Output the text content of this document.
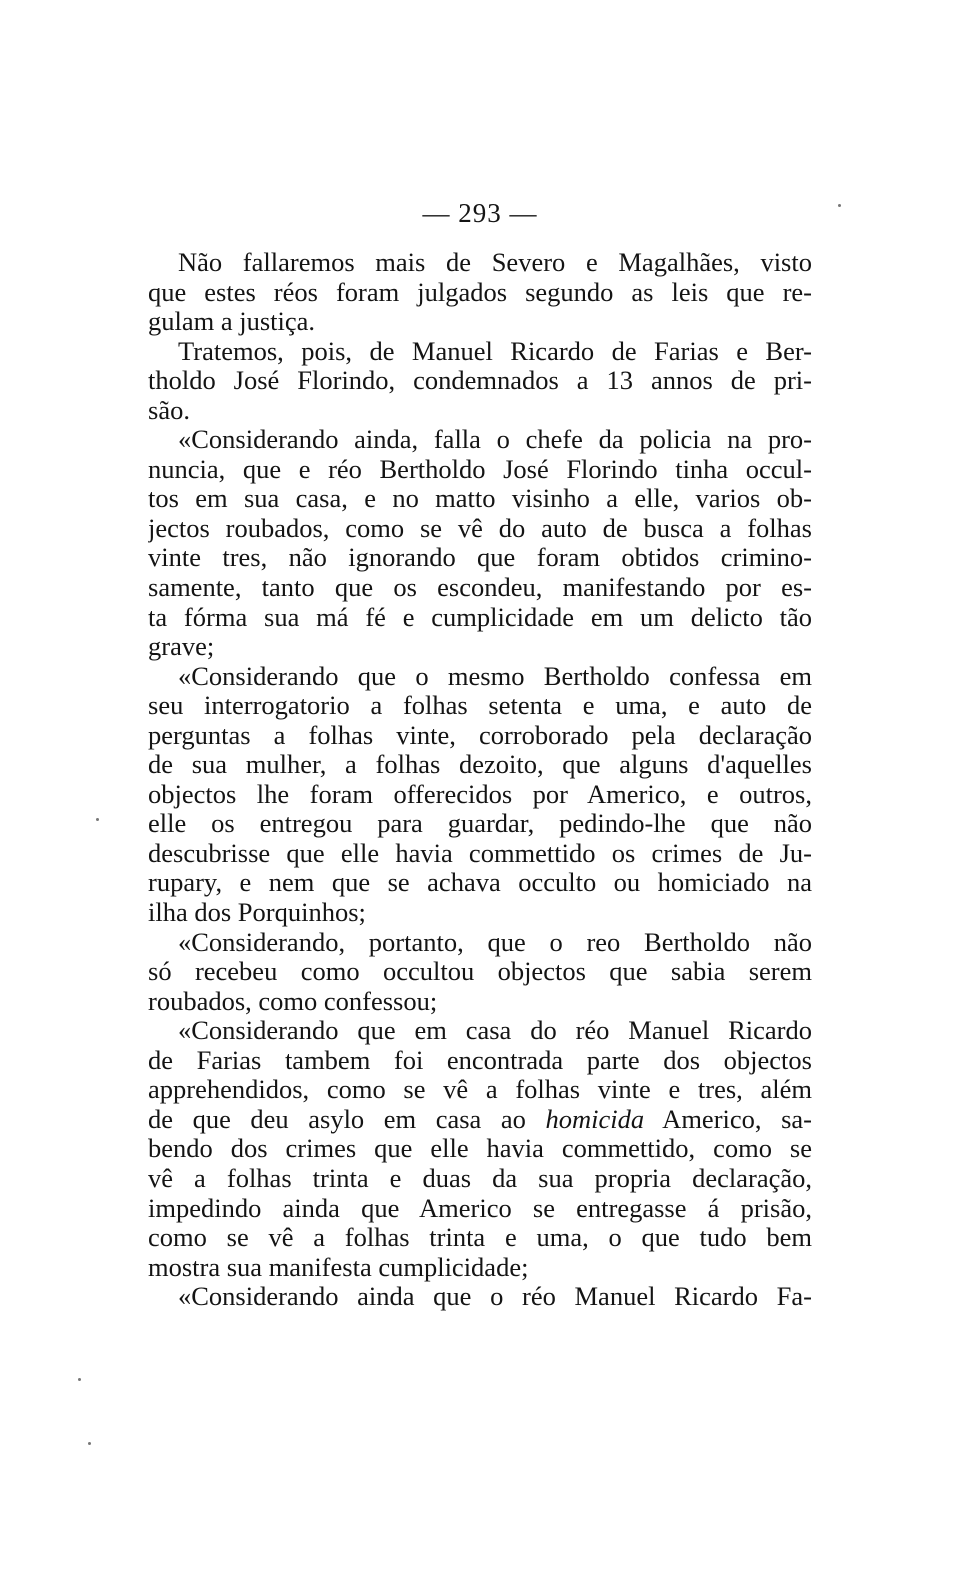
— 293 —
Não fallaremos mais de Severo e Magalhães, visto
que estes réos foram julgados segundo as leis que re-
gulam a justiça.
Tratemos, pois, de Manuel Ricardo de Farias e Ber-
tholdo José Florindo, condemnados a 13 annos de pri-
são.
«Considerando ainda, falla o chefe da policia na pro-
nuncia, que e réo Bertholdo José Florindo tinha occul-
tos em sua casa, e no matto visinho a elle, varios ob-
jectos roubados, como se vê do auto de busca a folhas
vinte tres, não ignorando que foram obtidos crimino-
samente, tanto que os escondeu, manifestando por es-
ta fórma sua má fé e cumplicidade em um delicto tão
grave;
«Considerando que o mesmo Bertholdo confessa em
seu interrogatorio a folhas setenta e uma, e auto de
perguntas a folhas vinte, corroborado pela declaração
de sua mulher, a folhas dezoito, que alguns d'aquelles
objectos lhe foram offerecidos por Americo, e outros,
elle os entregou para guardar, pedindo-lhe que não
descubrisse que elle havia commettido os crimes de Ju-
rupary, e nem que se achava occulto ou homiciado na
ilha dos Porquinhos;
«Considerando, portanto, que o reo Bertholdo não
só recebeu como occultou objectos que sabia serem
roubados, como confessou;
«Considerando que em casa do réo Manuel Ricardo
de Farias tambem foi encontrada parte dos objectos
apprehendidos, como se vê a folhas vinte e tres, além
de que deu asylo em casa ao homicida Americo, sa-
bendo dos crimes que elle havia commettido, como se
vê a folhas trinta e duas da sua propria declaração,
impedindo ainda que Americo se entregasse á prisão,
como se vê a folhas trinta e uma, o que tudo bem
mostra sua manifesta cumplicidade;
«Considerando ainda que o réo Manuel Ricardo Fa-
